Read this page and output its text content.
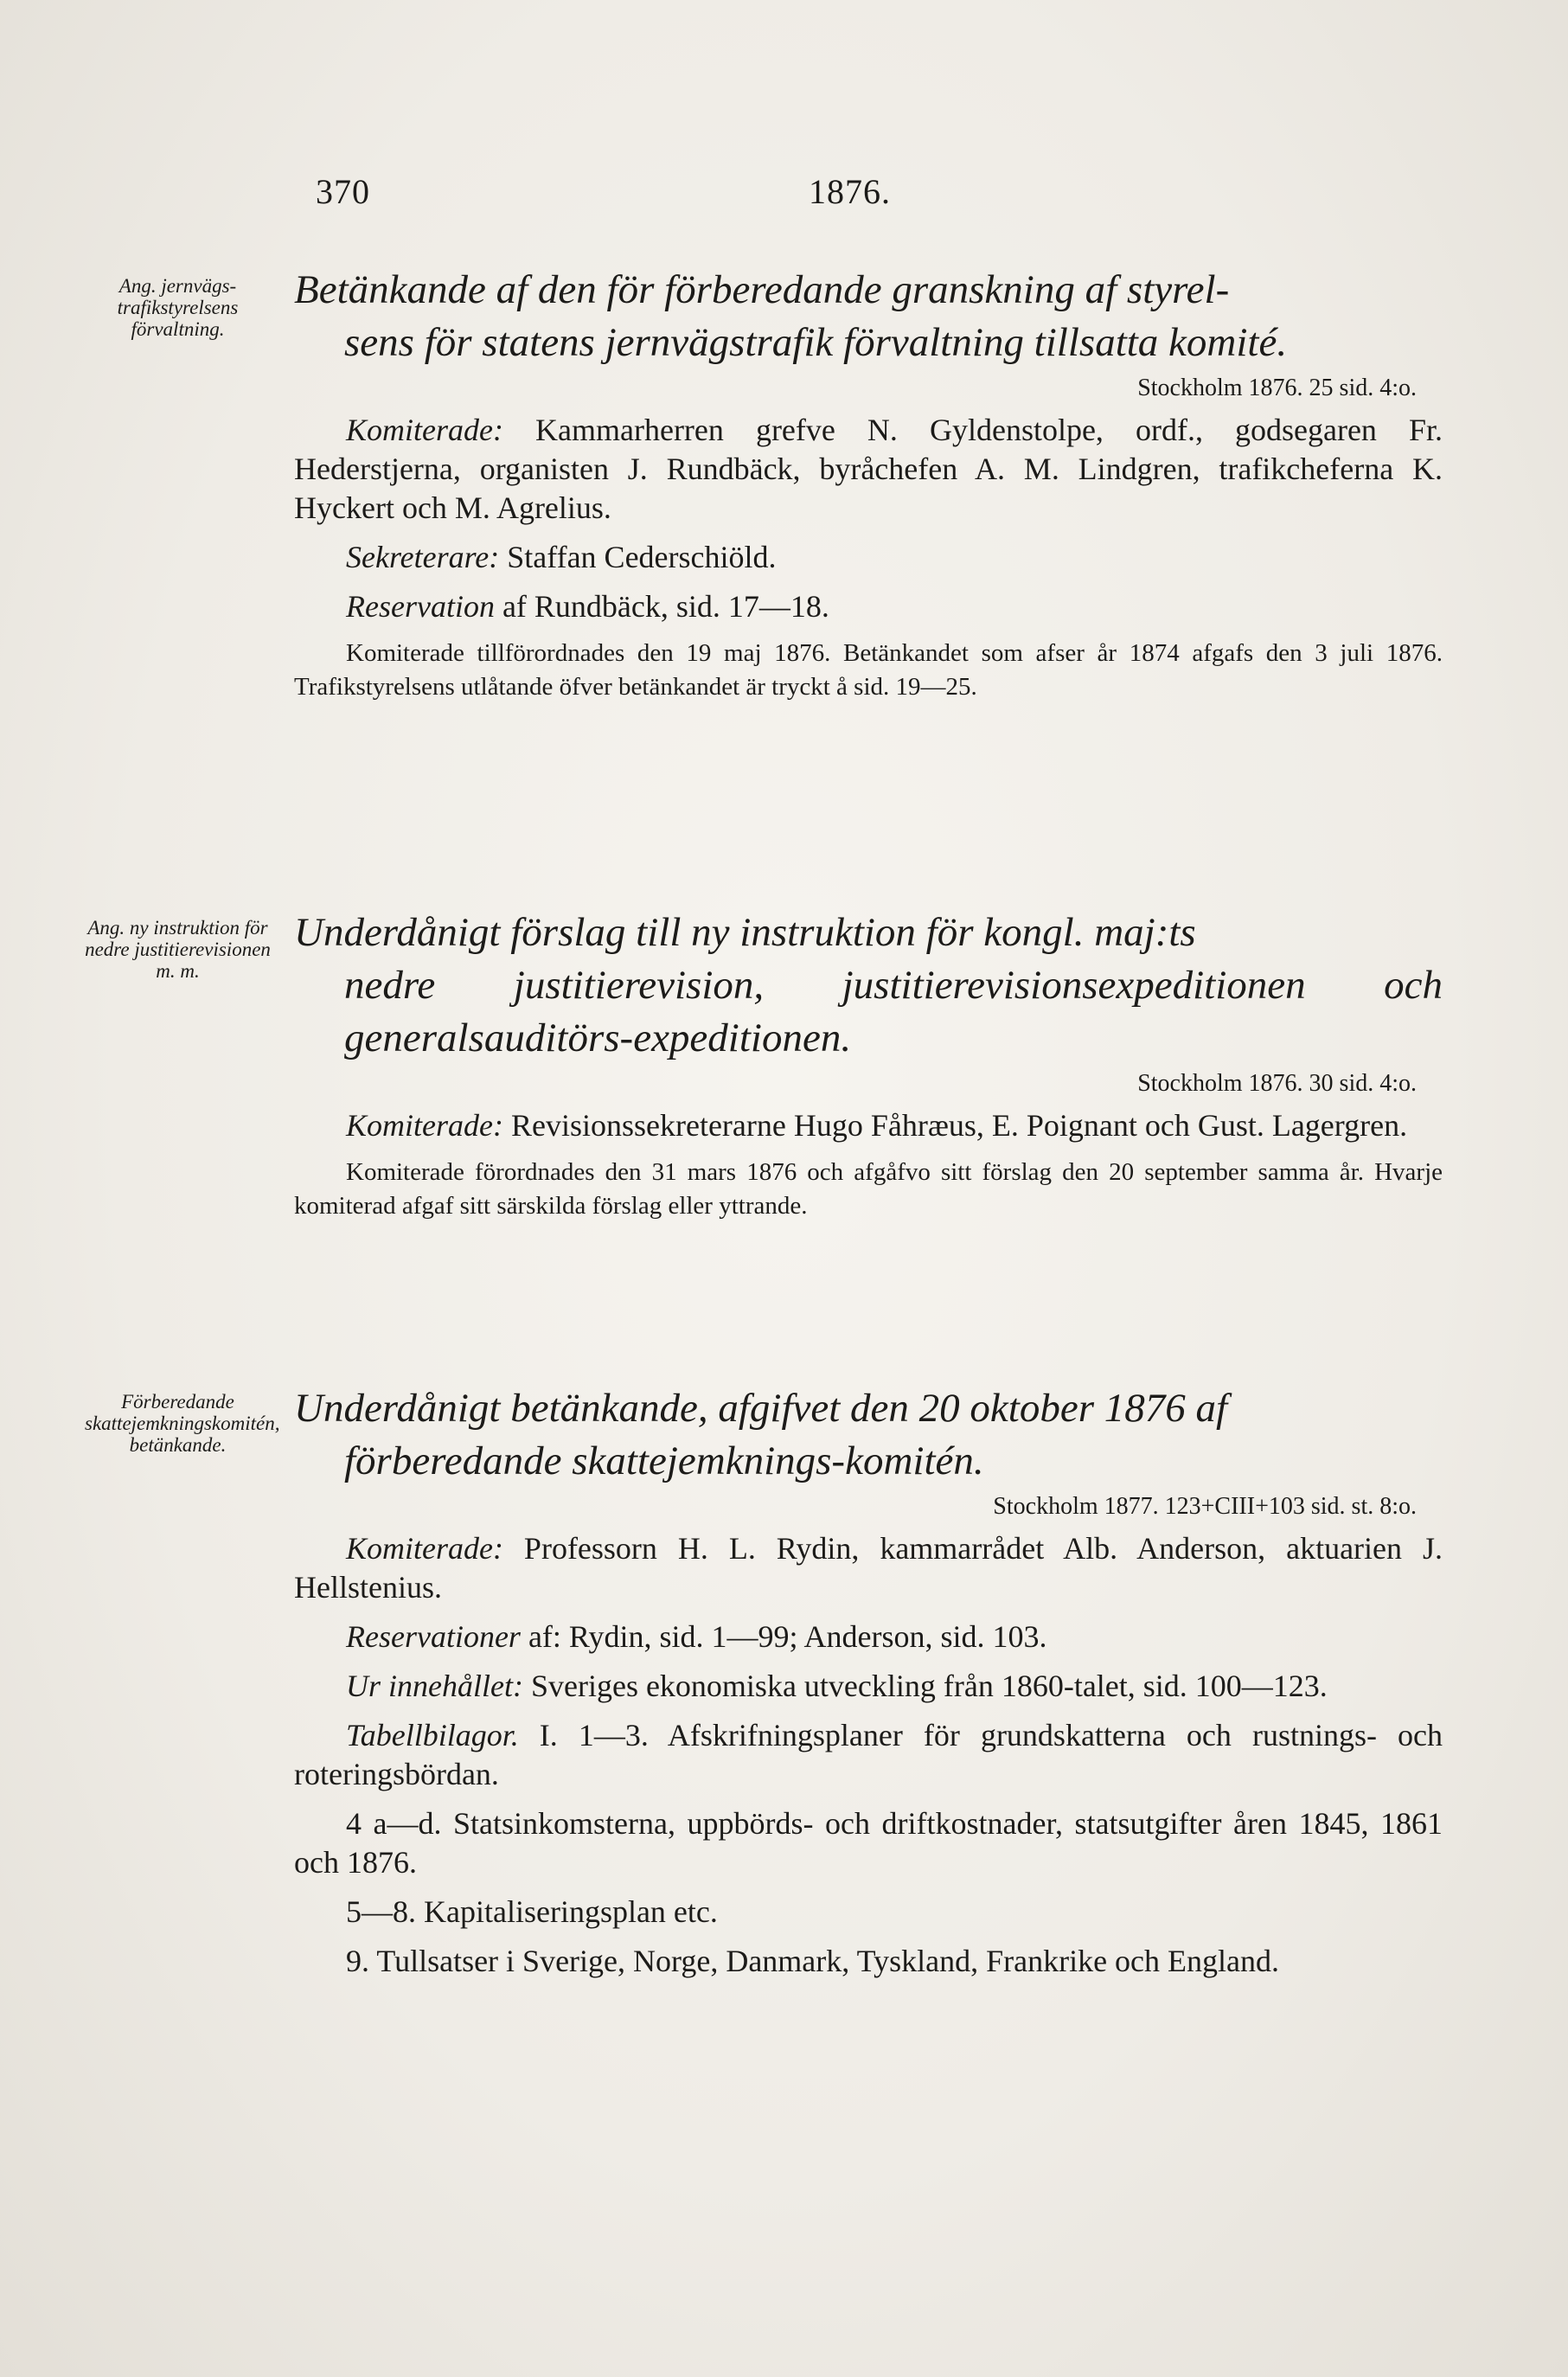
370	1876.
Ang. jernvägs-trafikstyrelsens förvaltning.

Betänkande af den för förberedande granskning af styrel-
sens för statens jernvägstrafik förvaltning tillsatta komité.

Stockholm 1876. 25 sid. 4:o.

Komiterade: Kammarherren grefve N. Gyldenstolpe, ordf., godsegaren Fr. Hederstjerna, organisten J. Rundbäck, byråchefen A. M. Lindgren, trafikcheferna K. Hyckert och M. Agrelius.

Sekreterare: Staffan Cederschiöld.

Reservation af Rundbäck, sid. 17—18.

Komiterade tillförordnades den 19 maj 1876. Betänkandet som afser år 1874 afgafs den 3 juli 1876. Trafikstyrelsens utlåtande öfver betänkandet är tryckt å sid. 19—25.

Ang. ny instruktion för nedre justitierevisionen m. m.

Underdånigt förslag till ny instruktion för kongl. maj:ts
nedre justitierevision, justitierevisionsexpeditionen och generalsauditörs-expeditionen.

Stockholm 1876. 30 sid. 4:o.

Komiterade: Revisionssekreterarne Hugo Fåhræus, E. Poignant och Gust. Lagergren.

Komiterade förordnades den 31 mars 1876 och afgåfvo sitt förslag den 20 september samma år. Hvarje komiterad afgaf sitt särskilda förslag eller yttrande.

Förberedande skattejemkningskomitén, betänkande.

Underdånigt betänkande, afgifvet den 20 oktober 1876 af
förberedande skattejemknings-komitén.

Stockholm 1877. 123+CIII+103 sid. st. 8:o.

Komiterade: Professorn H. L. Rydin, kammarrådet Alb. Anderson, aktuarien J. Hellstenius.

Reservationer af: Rydin, sid. 1—99; Anderson, sid. 103.

Ur innehållet: Sveriges ekonomiska utveckling från 1860-talet, sid. 100—123.

Tabellbilagor. I. 1—3. Afskrifningsplaner för grundskatterna och rustnings- och roteringsbördan.

4 a—d. Statsinkomsterna, uppbörds- och driftkostnader, statsutgifter åren 1845, 1861 och 1876.

5—8. Kapitaliseringsplan etc.

9. Tullsatser i Sverige, Norge, Danmark, Tyskland, Frankrike och England.
